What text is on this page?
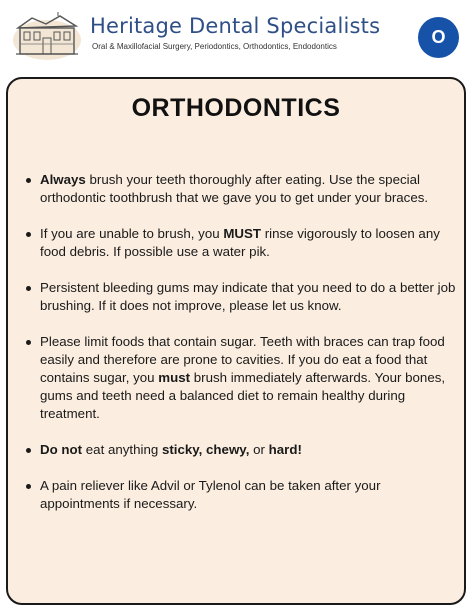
Heritage Dental Specialists
Oral & Maxillofacial Surgery, Periodontics, Orthodontics, Endodontics	O
ORTHODONTICS
Always brush your teeth thoroughly after eating. Use the special orthodontic toothbrush that we gave you to get under your braces.
If you are unable to brush, you MUST rinse vigorously to loosen any food debris. If possible use a water pik.
Persistent bleeding gums may indicate that you need to do a better job brushing. If it does not improve, please let us know.
Please limit foods that contain sugar. Teeth with braces can trap food easily and therefore are prone to cavities. If you do eat a food that contains sugar, you must brush immediately afterwards. Your bones, gums and teeth need a balanced diet to remain healthy during treatment.
Do not eat anything sticky, chewy, or hard!
A pain reliever like Advil or Tylenol can be taken after your appointments if necessary.
